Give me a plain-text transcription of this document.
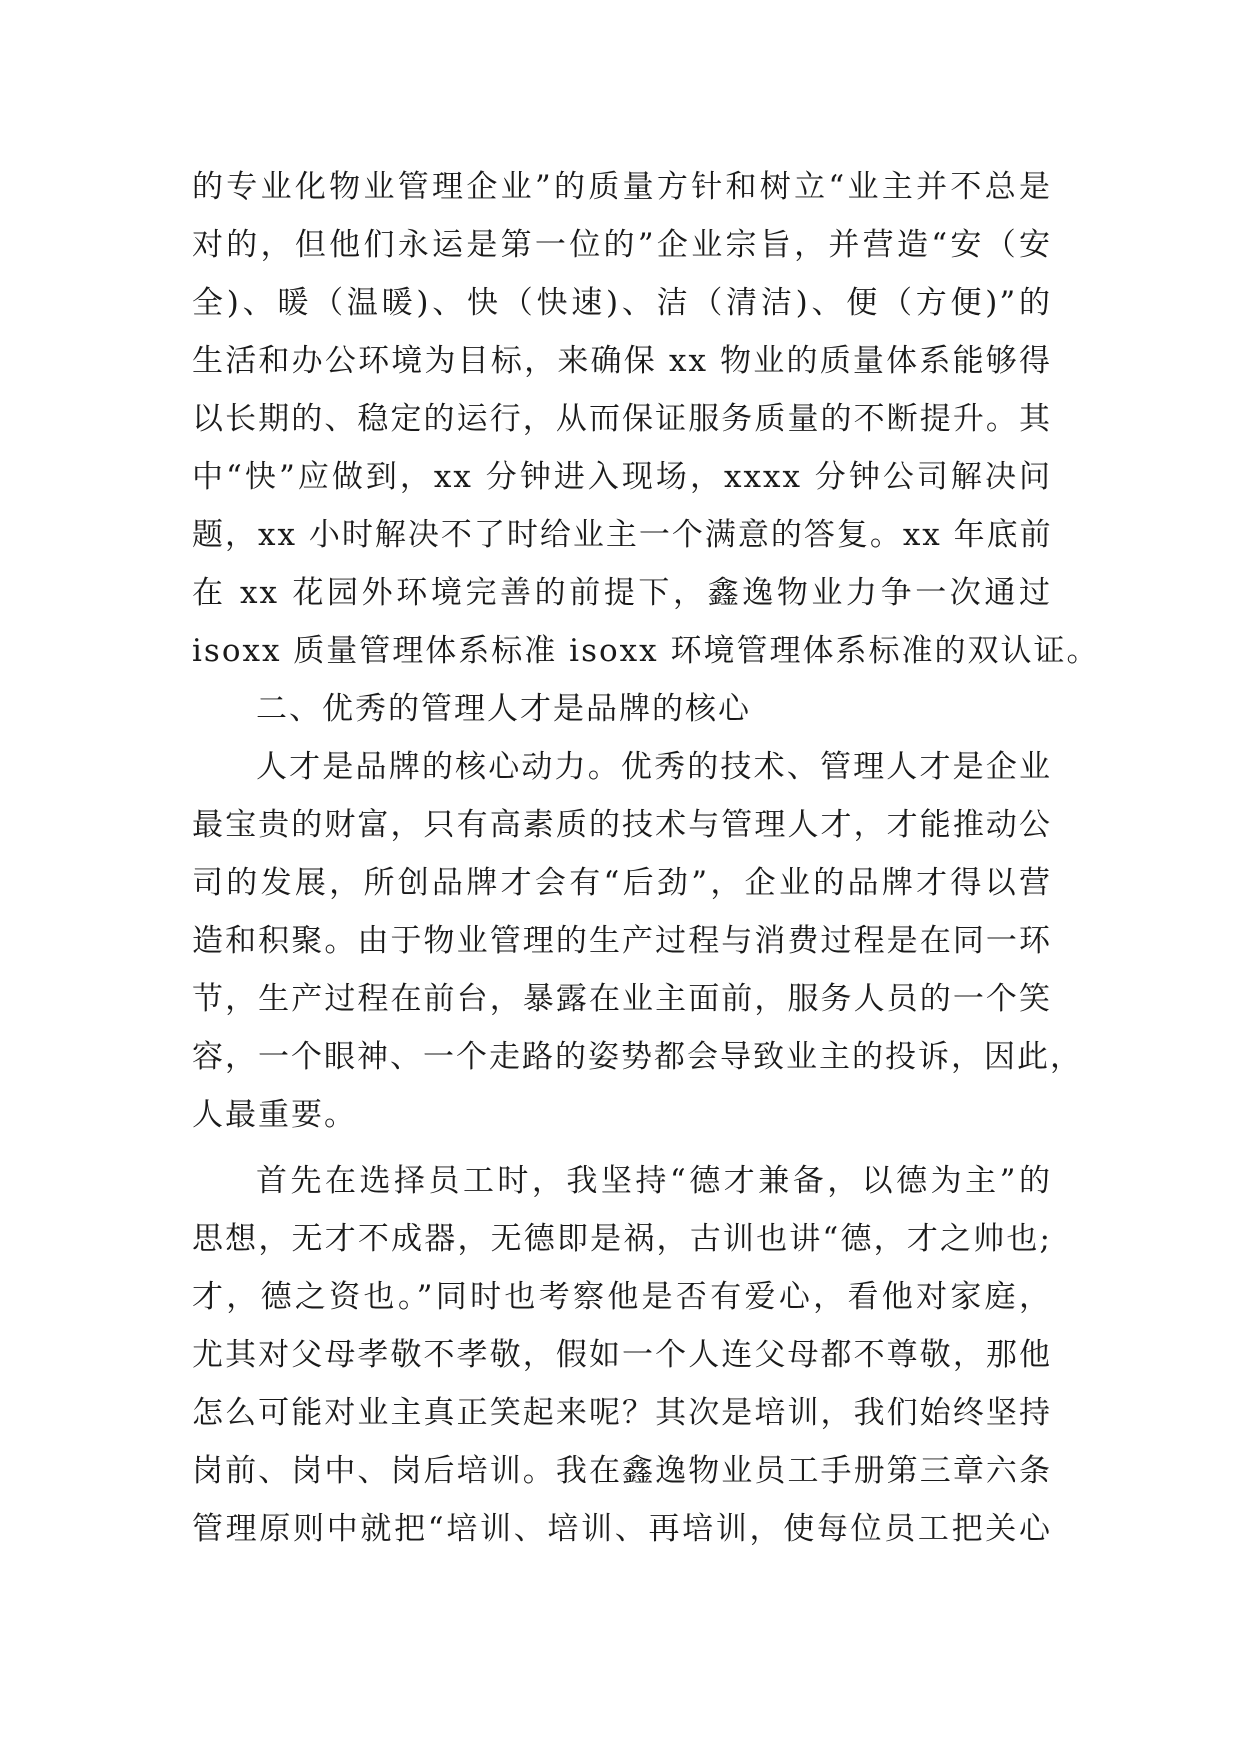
的专业化物业管理企业”的质量方针和树立“业主并不总是
对的，但他们永运是第一位的”企业宗旨，并营造“安（安
全)、暖（温暖)、快（快速)、洁（清洁)、便（方便)”的
生活和办公环境为目标，来确保 xx 物业的质量体系能够得
以长期的、稳定的运行，从而保证服务质量的不断提升。其
中“快”应做到，xx 分钟进入现场，xxxx 分钟公司解决问
题，xx 小时解决不了时给业主一个满意的答复。xx 年底前
在 xx 花园外环境完善的前提下，鑫逸物业力争一次通过
isoxx 质量管理体系标准 isoxx 环境管理体系标准的双认证。
二、优秀的管理人才是品牌的核心
人才是品牌的核心动力。优秀的技术、管理人才是企业
最宝贵的财富，只有高素质的技术与管理人才，才能推动公
司的发展，所创品牌才会有“后劲”，企业的品牌才得以营
造和积聚。由于物业管理的生产过程与消费过程是在同一环
节，生产过程在前台，暴露在业主面前，服务人员的一个笑
容，一个眼神、一个走路的姿势都会导致业主的投诉，因此，
人最重要。
首先在选择员工时，我坚持“德才兼备，以德为主”的
思想，无才不成器，无德即是祸，古训也讲“德，才之帅也;
才，德之资也。”同时也考察他是否有爱心，看他对家庭，
尤其对父母孝敬不孝敬，假如一个人连父母都不尊敬，那他
怎么可能对业主真正笑起来呢？其次是培训，我们始终坚持
岗前、岗中、岗后培训。我在鑫逸物业员工手册第三章六条
管理原则中就把“培训、培训、再培训，使每位员工把关心
